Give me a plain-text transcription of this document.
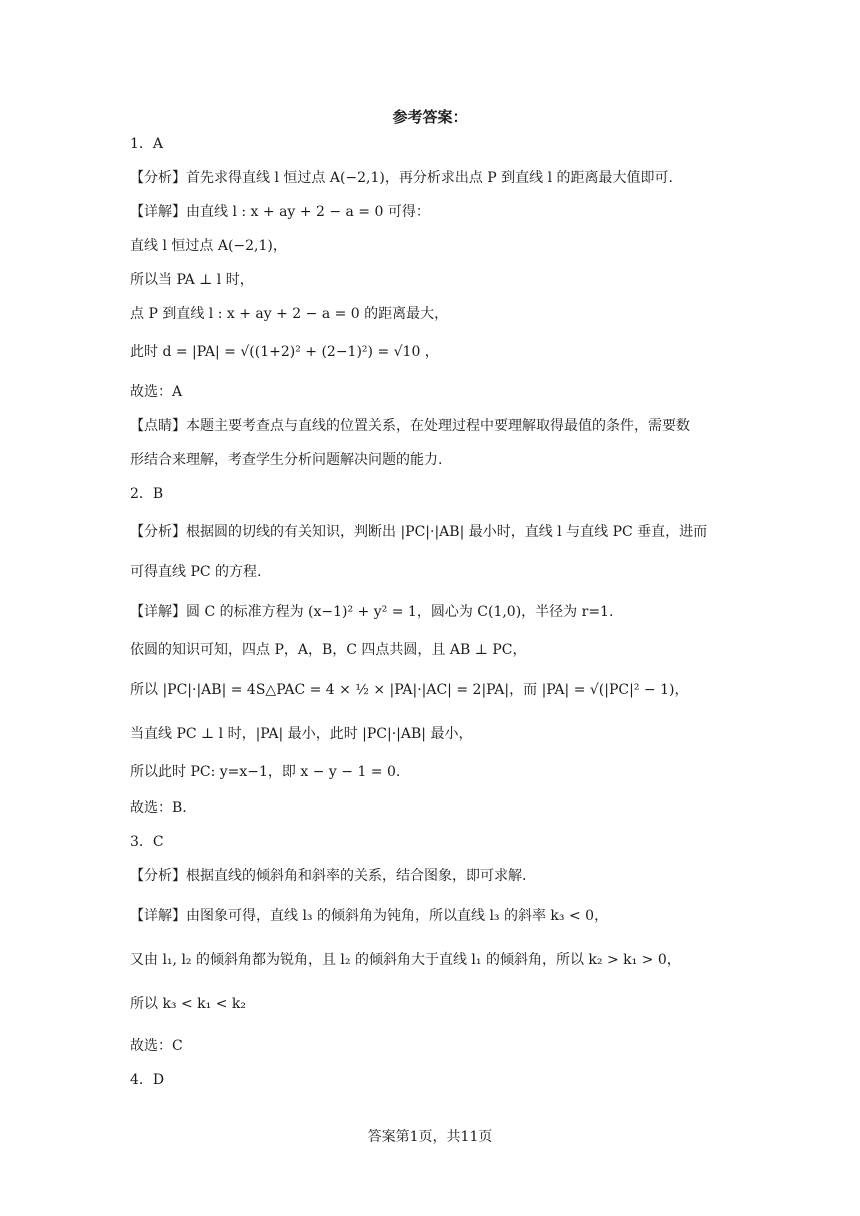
参考答案：
1．A
【分析】首先求得直线 l 恒过点 A(−2,1)，再分析求出点 P 到直线 l 的距离最大值即可.
【详解】由直线 l : x + ay + 2 − a = 0 可得：
直线 l 恒过点 A(−2,1)，
所以当 PA ⊥ l 时，
点 P 到直线 l : x + ay + 2 − a = 0 的距离最大，
此时 d = |PA| = √((1+2)² + (2−1)²) = √10 ，
故选：A
【点睛】本题主要考查点与直线的位置关系，在处理过程中要理解取得最值的条件，需要数
形结合来理解，考查学生分析问题解决问题的能力.
2．B
【分析】根据圆的切线的有关知识，判断出 |PC|·|AB| 最小时，直线 l 与直线 PC 垂直，进而
可得直线 PC 的方程.
【详解】圆 C 的标准方程为 (x−1)² + y² = 1，圆心为 C(1,0)，半径为 r=1.
依圆的知识可知，四点 P，A，B，C 四点共圆，且 AB ⊥ PC，
所以 |PC|·|AB| = 4S△PAC = 4 × ½ × |PA|·|AC| = 2|PA|，而 |PA| = √(|PC|² − 1)，
当直线 PC ⊥ l 时，|PA| 最小，此时 |PC|·|AB| 最小，
所以此时 PC: y=x−1，即 x − y − 1 = 0.
故选：B.
3．C
【分析】根据直线的倾斜角和斜率的关系，结合图象，即可求解.
【详解】由图象可得，直线 l₃ 的倾斜角为钝角，所以直线 l₃ 的斜率 k₃ < 0，
又由 l₁, l₂ 的倾斜角都为锐角，且 l₂ 的倾斜角大于直线 l₁ 的倾斜角，所以 k₂ > k₁ > 0，
所以 k₃ < k₁ < k₂
故选：C
4．D
答案第1页，共11页
